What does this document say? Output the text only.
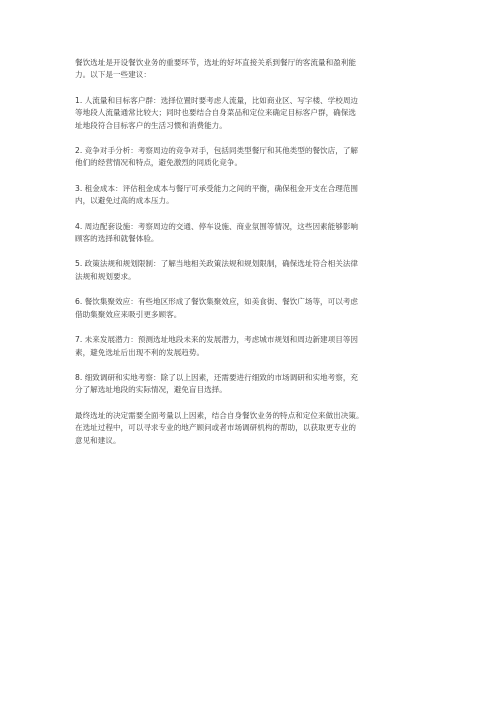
餐饮选址是开设餐饮业务的重要环节，选址的好坏直接关系到餐厅的客流量和盈利能
力。以下是一些建议：

1. 人流量和目标客户群：选择位置时要考虑人流量，比如商业区、写字楼、学校周边
等地段人流量通常比较大；同时也要结合自身菜品和定位来确定目标客户群，确保选
址地段符合目标客户的生活习惯和消费能力。

2. 竞争对手分析：考察周边的竞争对手，包括同类型餐厅和其他类型的餐饮店，了解
他们的经营情况和特点，避免激烈的同质化竞争。

3. 租金成本：评估租金成本与餐厅可承受能力之间的平衡，确保租金开支在合理范围
内，以避免过高的成本压力。

4. 周边配套设施：考察周边的交通、停车设施、商业氛围等情况，这些因素能够影响
顾客的选择和就餐体验。

5. 政策法规和规划限制：了解当地相关政策法规和规划限制，确保选址符合相关法律
法规和规划要求。

6. 餐饮集聚效应：有些地区形成了餐饮集聚效应，如美食街、餐饮广场等，可以考虑
借助集聚效应来吸引更多顾客。

7. 未来发展潜力：预测选址地段未来的发展潜力，考虑城市规划和周边新建项目等因
素，避免选址后出现不利的发展趋势。

8. 细致调研和实地考察：除了以上因素，还需要进行细致的市场调研和实地考察，充
分了解选址地段的实际情况，避免盲目选择。

最终选址的决定需要全面考量以上因素，结合自身餐饮业务的特点和定位来做出决策。
在选址过程中，可以寻求专业的地产顾问或者市场调研机构的帮助，以获取更专业的
意见和建议。
